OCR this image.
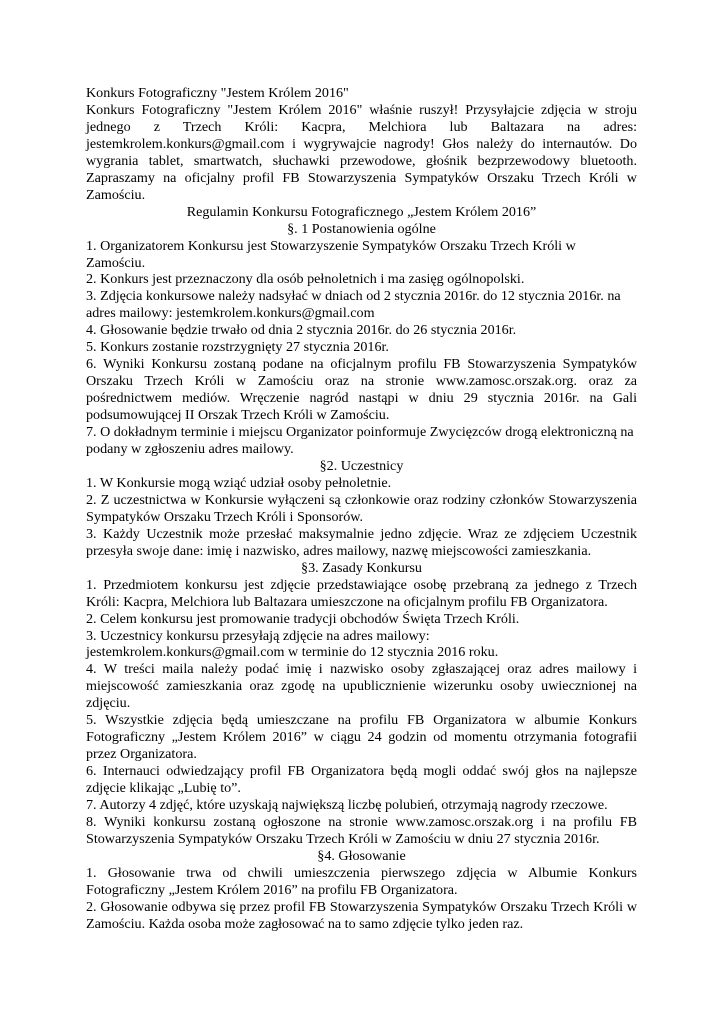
Konkurs Fotograficzny "Jestem Królem 2016"

Konkurs Fotograficzny "Jestem Królem 2016" właśnie ruszył! Przysyłajcie zdjęcia w stroju jednego z Trzech Króli: Kacpra, Melchiora lub Baltazara na adres: jestemkrolem.konkurs@gmail.com i wygrywajcie nagrody! Głos należy do internautów. Do wygrania tablet, smartwatch, słuchawki przewodowe, głośnik bezprzewodowy bluetooth. Zapraszamy na oficjalny profil FB Stowarzyszenia Sympatyków Orszaku Trzech Króli w Zamościu.

Regulamin Konkursu Fotograficznego „Jestem Królem 2016”

§. 1 Postanowienia ogólne

1. Organizatorem Konkursu jest Stowarzyszenie Sympatyków Orszaku Trzech Króli w Zamościu.

2. Konkurs jest przeznaczony dla osób pełnoletnich i ma zasięg ogólnopolski.

3. Zdjęcia konkursowe należy nadsyłać w dniach od 2 stycznia 2016r. do 12 stycznia 2016r. na adres mailowy: jestemkrolem.konkurs@gmail.com

4. Głosowanie będzie trwało od dnia 2 stycznia 2016r. do 26 stycznia 2016r.

5. Konkurs zostanie rozstrzygnięty 27 stycznia 2016r.

6. Wyniki Konkursu zostaną podane na oficjalnym profilu FB Stowarzyszenia Sympatyków Orszaku Trzech Króli w Zamościu oraz na stronie www.zamosc.orszak.org. oraz za pośrednictwem mediów. Wręczenie nagród nastąpi w dniu 29 stycznia 2016r. na Gali podsumowującej II Orszak Trzech Króli w Zamościu.

7. O dokładnym terminie i miejscu Organizator poinformuje Zwycięzców drogą elektroniczną na podany w zgłoszeniu adres mailowy.

§2. Uczestnicy

1. W Konkursie mogą wziąć udział osoby pełnoletnie.

2. Z uczestnictwa w Konkursie wyłączeni są członkowie oraz rodziny członków Stowarzyszenia Sympatyków Orszaku Trzech Króli i Sponsorów.

3. Każdy Uczestnik może przesłać maksymalnie jedno zdjęcie. Wraz ze zdjęciem Uczestnik przesyła swoje dane: imię i nazwisko, adres mailowy, nazwę miejscowości zamieszkania.

§3. Zasady Konkursu

1. Przedmiotem konkursu jest zdjęcie przedstawiające osobę przebraną za jednego z Trzech Króli: Kacpra, Melchiora lub Baltazara umieszczone na oficjalnym profilu FB Organizatora.

2. Celem konkursu jest promowanie tradycji obchodów Święta Trzech Króli.

3. Uczestnicy konkursu przesyłają zdjęcie na adres mailowy:

jestemkrolem.konkurs@gmail.com w terminie do 12 stycznia 2016 roku.

4. W treści maila należy podać imię i nazwisko osoby zgłaszającej oraz adres mailowy i miejscowość zamieszkania oraz zgodę na upublicznienie wizerunku osoby uwiecznionej na zdjęciu.

5. Wszystkie zdjęcia będą umieszczane na profilu FB Organizatora w albumie Konkurs Fotograficzny „Jestem Królem 2016” w ciągu 24 godzin od momentu otrzymania fotografii przez Organizatora.

6. Internauci odwiedzający profil FB Organizatora będą mogli oddać swój głos na najlepsze zdjęcie klikając „Lubię to”.

7. Autorzy 4 zdjęć, które uzyskają największą liczbę polubień, otrzymają nagrody rzeczowe.

8. Wyniki konkursu zostaną ogłoszone na stronie www.zamosc.orszak.org i na profilu FB Stowarzyszenia Sympatyków Orszaku Trzech Króli w Zamościu w dniu 27 stycznia 2016r.

§4. Głosowanie

1. Głosowanie trwa od chwili umieszczenia pierwszego zdjęcia w Albumie Konkurs Fotograficzny „Jestem Królem 2016” na profilu FB Organizatora.

2. Głosowanie odbywa się przez profil FB Stowarzyszenia Sympatyków Orszaku Trzech Króli w Zamościu. Każda osoba może zagłosować na to samo zdjęcie tylko jeden raz.
